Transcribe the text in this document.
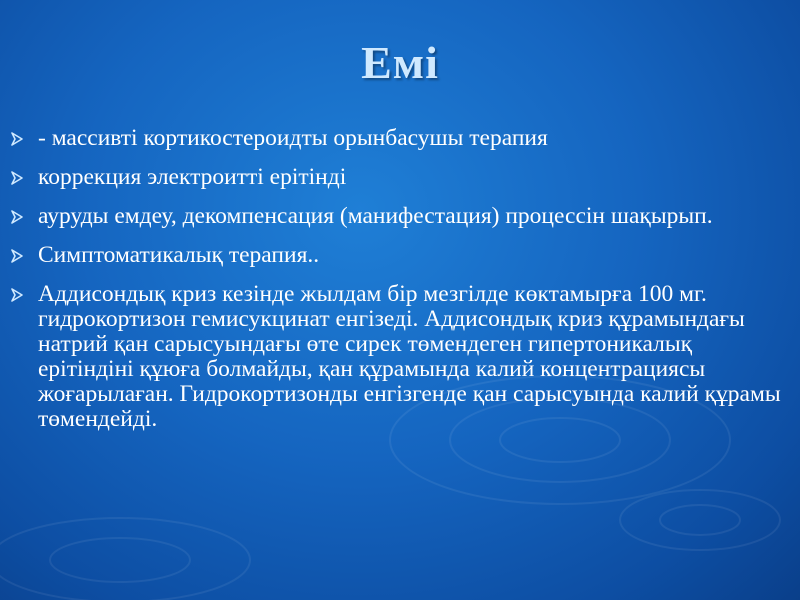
Емі
- массивті кортикостероидты орынбасушы терапия
коррекция электроитті ерітінді
ауруды емдеу, декомпенсация (манифестация) процессін шақырып.
Симптоматикалық терапия..
Аддисондық криз кезінде жылдам бір мезгілде көктамырға 100 мг. гидрокортизон гемисукцинат енгізеді. Аддисондық криз құрамындағы натрий қан сарысуындағы өте сирек төмендеген гипертоникалық ерітіндіні құюға болмайды, қан құрамында калий концентрациясы жоғарылаған. Гидрокортизонды енгізгенде қан сарысуында калий құрамы төмендейді.
